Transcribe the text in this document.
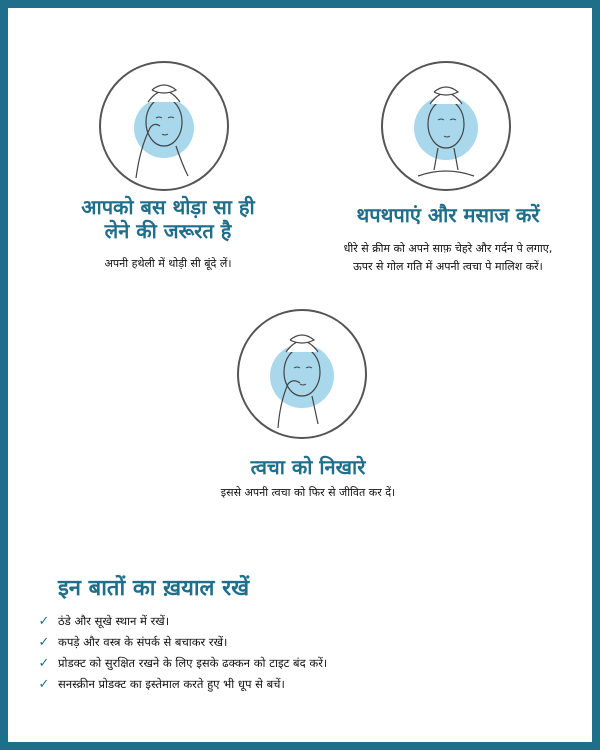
आपको बस थोड़ा सा ही
लेने की जरूरत है
अपनी हथेली में थोड़ी सी बूंदे लें।
थपथपाएं और मसाज करें
धीरे से क्रीम को अपने साफ़ चेहरे और गर्दन पे लगाए,
ऊपर से गोल गति में अपनी त्वचा पे मालिश करें।
त्वचा को निखारे
इससे अपनी त्वचा को फिर से जीवित कर दें।
इन बातों का ख़याल रखें
✓ ठंडे और सूखे स्थान में रखें।
✓ कपड़े और वस्त्र के संपर्क से बचाकर रखें।
✓ प्रोडक्ट को सुरक्षित रखने के लिए इसके ढक्कन को टाइट बंद करें।
✓ सनस्क्रीन प्रोडक्ट का इस्तेमाल करते हुए भी धूप से बचें।
